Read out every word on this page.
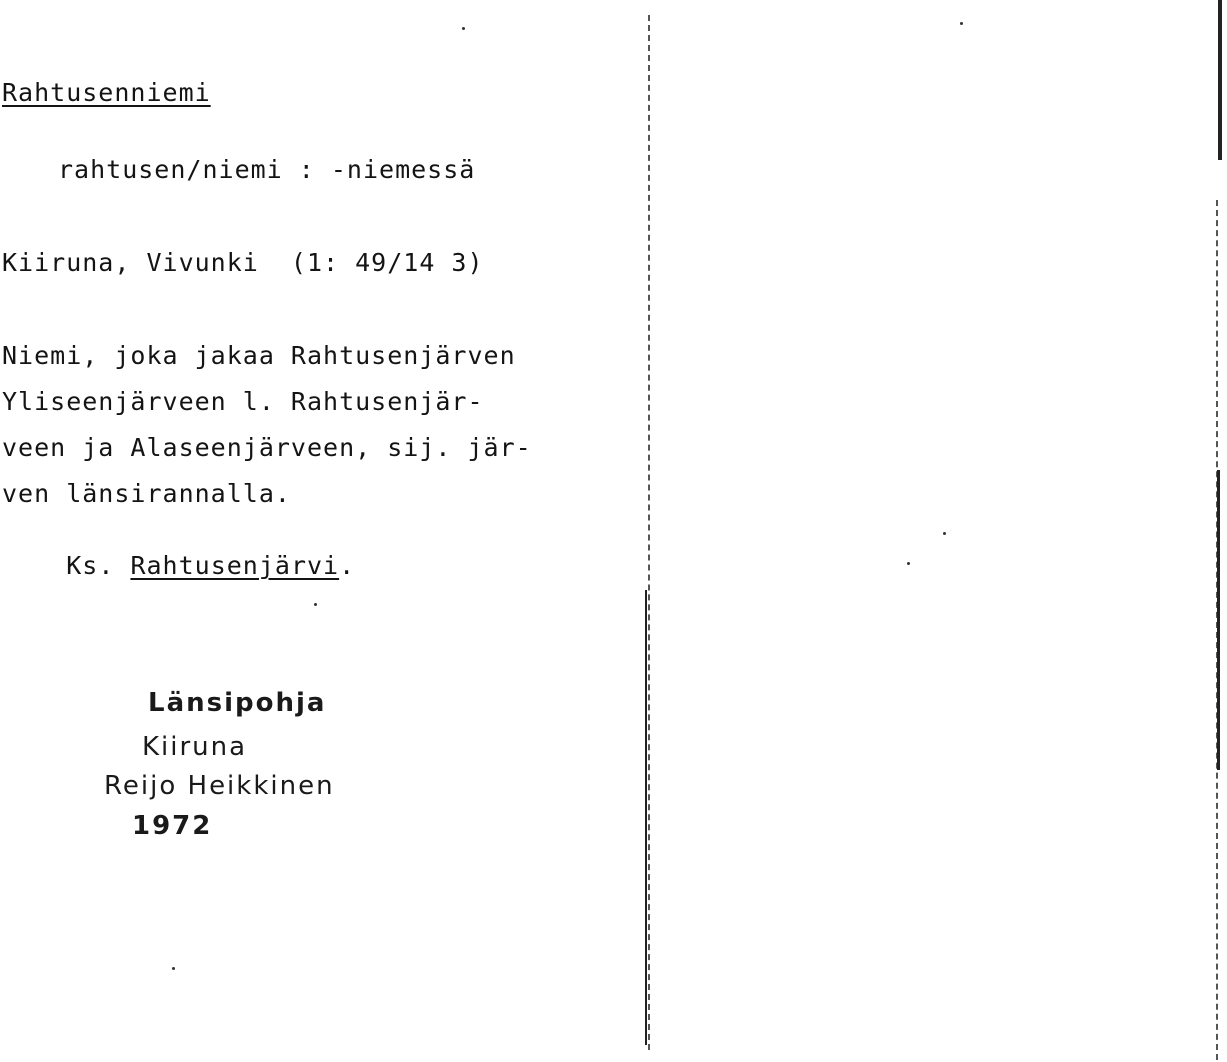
Rahtusenniemi
rahtusen/niemi : -niemessä
Kiiruna, Vivunki  (1: 49/14 3)
Niemi, joka jakaa Rahtusenjärven
Yliseenjärveen l. Rahtusenjär-
veen ja Alaseenjärveen, sij. jär-
ven länsirannalla.

Ks. Rahtusenjärvi.

Länsipohja
Kiiruna
Reijo Heikkinen
1972
